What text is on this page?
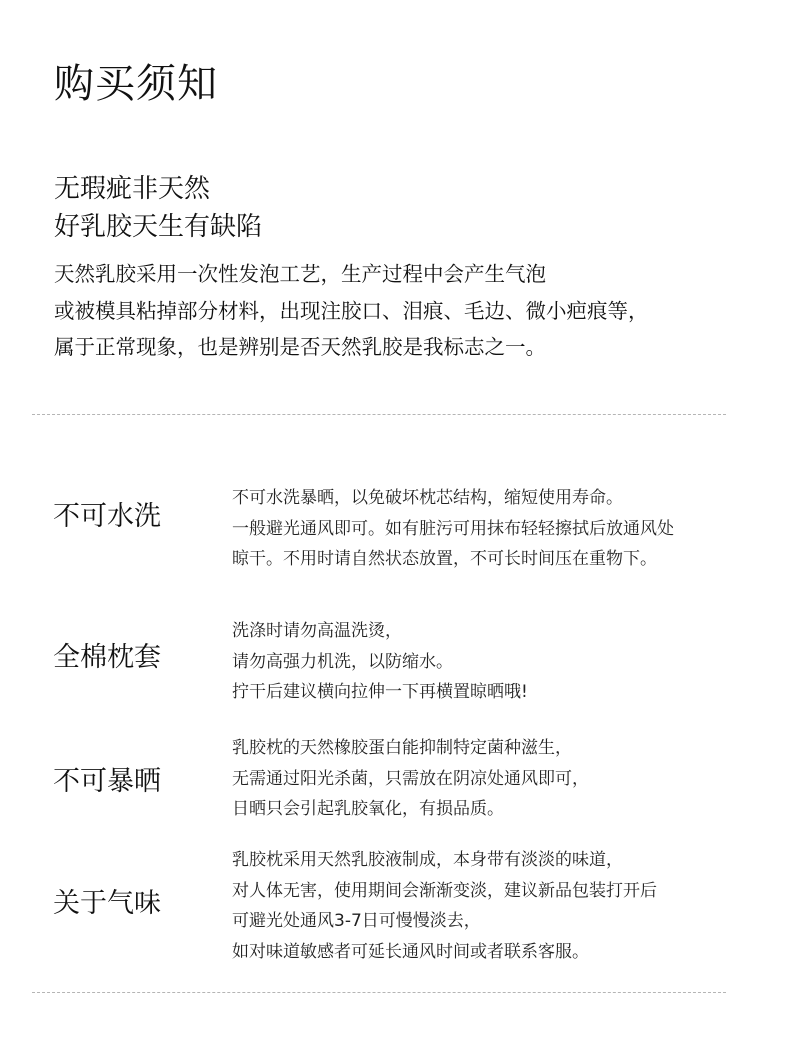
购买须知
无瑕疵非天然
好乳胶天生有缺陷
天然乳胶采用一次性发泡工艺，生产过程中会产生气泡
或被模具粘掉部分材料，出现注胶口、泪痕、毛边、微小疤痕等，
属于正常现象，也是辨别是否天然乳胶是我标志之一。
不可水洗
不可水洗暴晒，以免破坏枕芯结构，缩短使用寿命。
一般避光通风即可。如有脏污可用抹布轻轻擦拭后放通风处
晾干。不用时请自然状态放置，不可长时间压在重物下。
全棉枕套
洗涤时请勿高温洗烫，
请勿高强力机洗，以防缩水。
拧干后建议横向拉伸一下再横置晾晒哦!
不可暴晒
乳胶枕的天然橡胶蛋白能抑制特定菌种滋生，
无需通过阳光杀菌，只需放在阴凉处通风即可，
日晒只会引起乳胶氧化，有损品质。
关于气味
乳胶枕采用天然乳胶液制成，本身带有淡淡的味道，
对人体无害，使用期间会渐渐变淡，建议新品包装打开后
可避光处通风3-7日可慢慢淡去，
如对味道敏感者可延长通风时间或者联系客服。
